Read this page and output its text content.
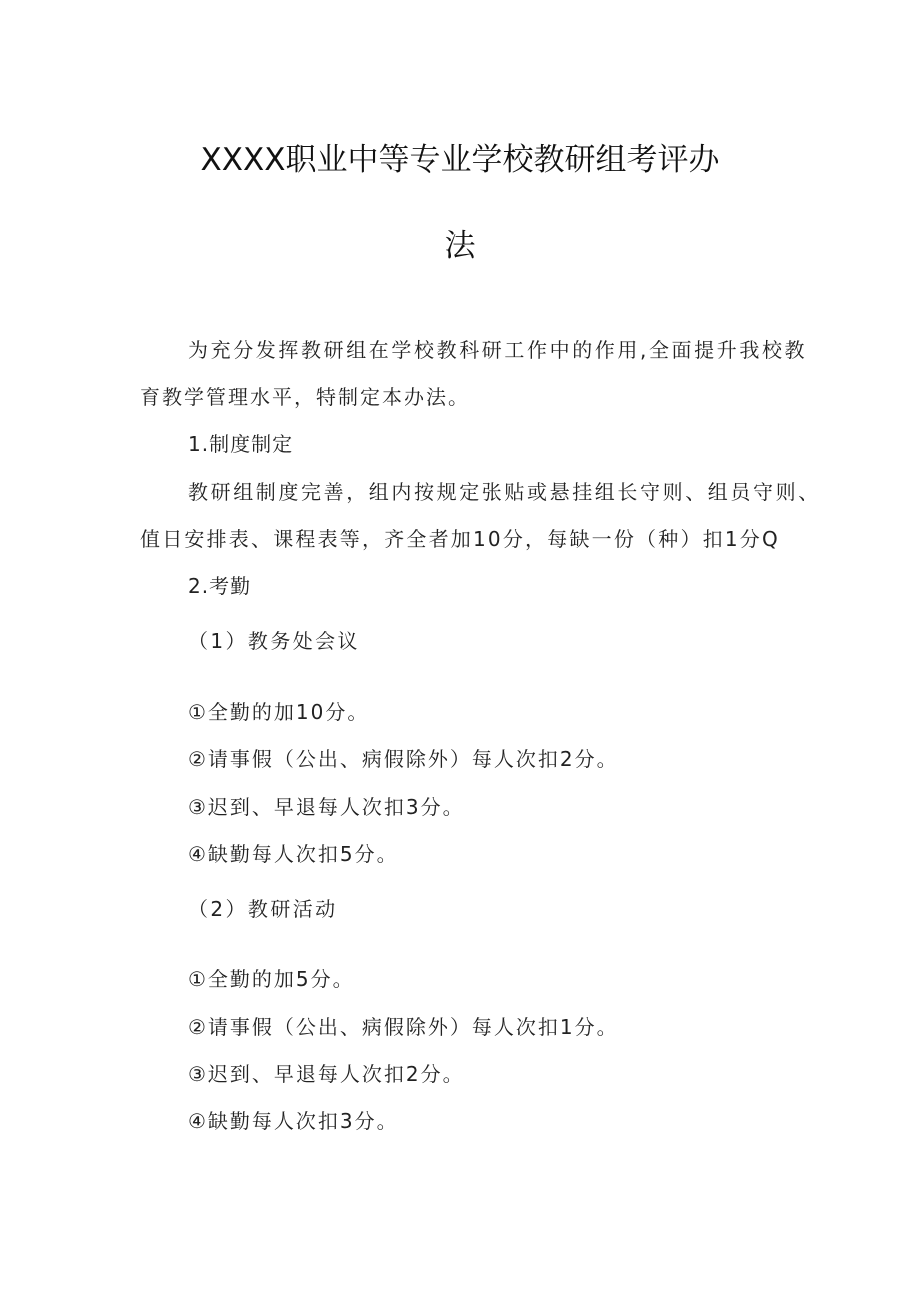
XXXX职业中等专业学校教研组考评办
法
为充分发挥教研组在学校教科研工作中的作用,全面提升我校教
育教学管理水平，特制定本办法。
1.制度制定
教研组制度完善，组内按规定张贴或悬挂组长守则、组员守则、
值日安排表、课程表等，齐全者加10分，每缺一份（种）扣1分Q
2.考勤
（1）教务处会议
①全勤的加10分。
②请事假（公出、病假除外）每人次扣2分。
③迟到、早退每人次扣3分。
④缺勤每人次扣5分。
（2）教研活动
①全勤的加5分。
②请事假（公出、病假除外）每人次扣1分。
③迟到、早退每人次扣2分。
④缺勤每人次扣3分。
